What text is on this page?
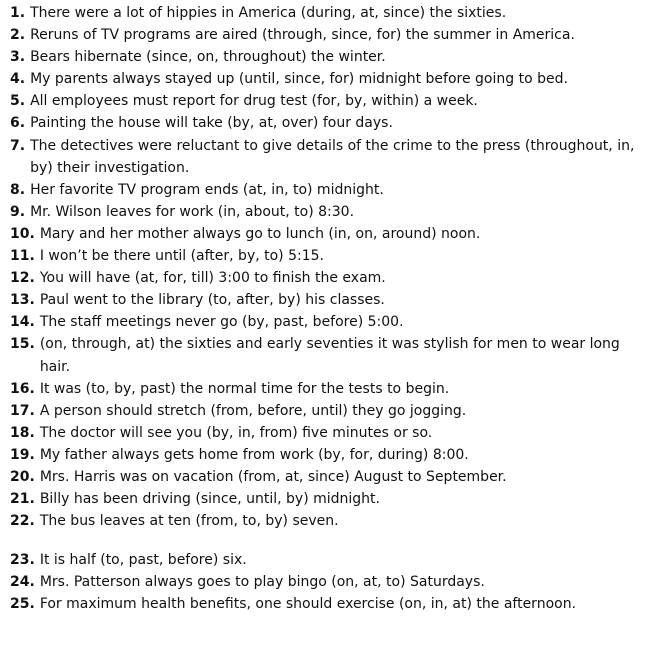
1. There were a lot of hippies in America (during, at, since) the sixties.
2. Reruns of TV programs are aired (through, since, for) the summer in America.
3. Bears hibernate (since, on, throughout) the winter.
4. My parents always stayed up (until, since, for) midnight before going to bed.
5. All employees must report for drug test (for, by, within) a week.
6. Painting the house will take (by, at, over) four days.
7. The detectives were reluctant to give details of the crime to the press (throughout, in, by) their investigation.
8. Her favorite TV program ends (at, in, to) midnight.
9. Mr. Wilson leaves for work (in, about, to) 8:30.
10. Mary and her mother always go to lunch (in, on, around) noon.
11. I won’t be there until (after, by, to) 5:15.
12. You will have (at, for, till) 3:00 to finish the exam.
13. Paul went to the library (to, after, by) his classes.
14. The staff meetings never go (by, past, before) 5:00.
15. (on, through, at) the sixties and early seventies it was stylish for men to wear long hair.
16. It was (to, by, past) the normal time for the tests to begin.
17. A person should stretch (from, before, until) they go jogging.
18. The doctor will see you (by, in, from) five minutes or so.
19. My father always gets home from work (by, for, during) 8:00.
20. Mrs. Harris was on vacation (from, at, since) August to September.
21. Billy has been driving (since, until, by) midnight.
22. The bus leaves at ten (from, to, by) seven.
23. It is half (to, past, before) six.
24. Mrs. Patterson always goes to play bingo (on, at, to) Saturdays.
25. For maximum health benefits, one should exercise (on, in, at) the afternoon.
